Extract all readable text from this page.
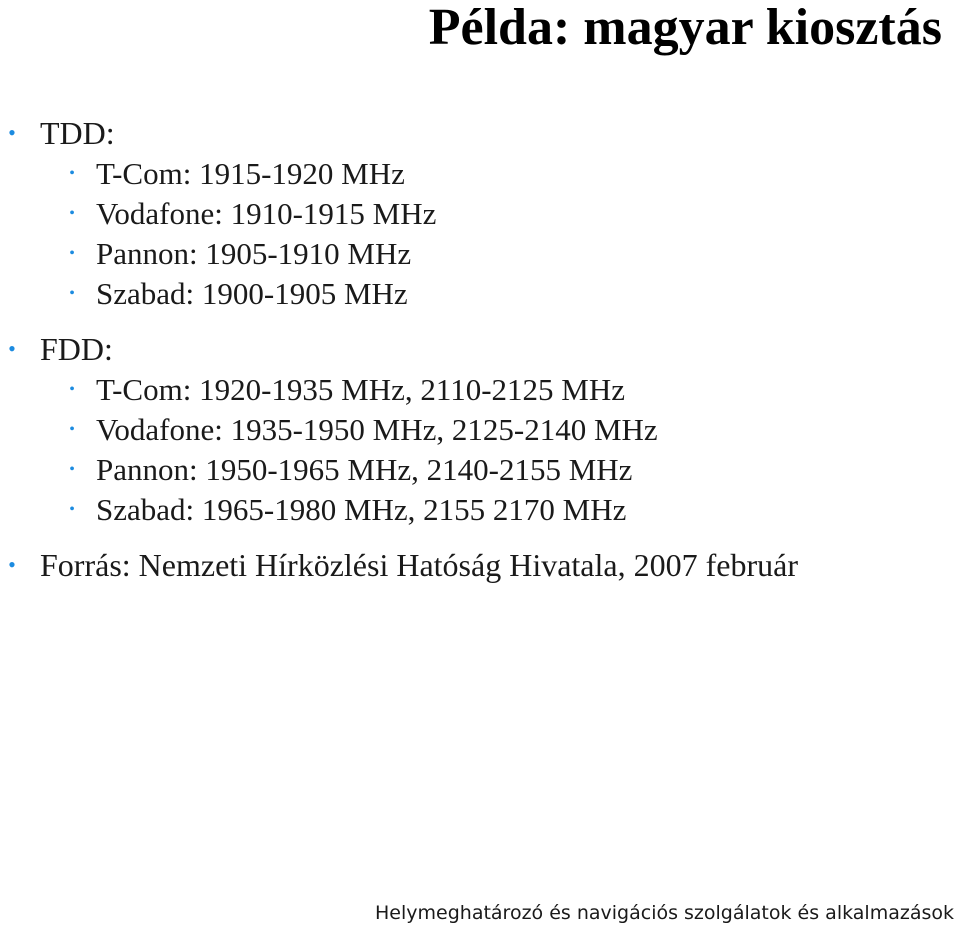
Példa: magyar kiosztás
• TDD:
• T-Com: 1915-1920 MHz
• Vodafone: 1910-1915 MHz
• Pannon: 1905-1910 MHz
• Szabad: 1900-1905 MHz
• FDD:
• T-Com: 1920-1935 MHz, 2110-2125 MHz
• Vodafone: 1935-1950 MHz, 2125-2140 MHz
• Pannon: 1950-1965 MHz, 2140-2155 MHz
• Szabad: 1965-1980 MHz, 2155 2170 MHz
• Forrás: Nemzeti Hírközlési Hatóság Hivatala, 2007 február
Helymeghatározó és navigációs szolgálatok és alkalmazások
